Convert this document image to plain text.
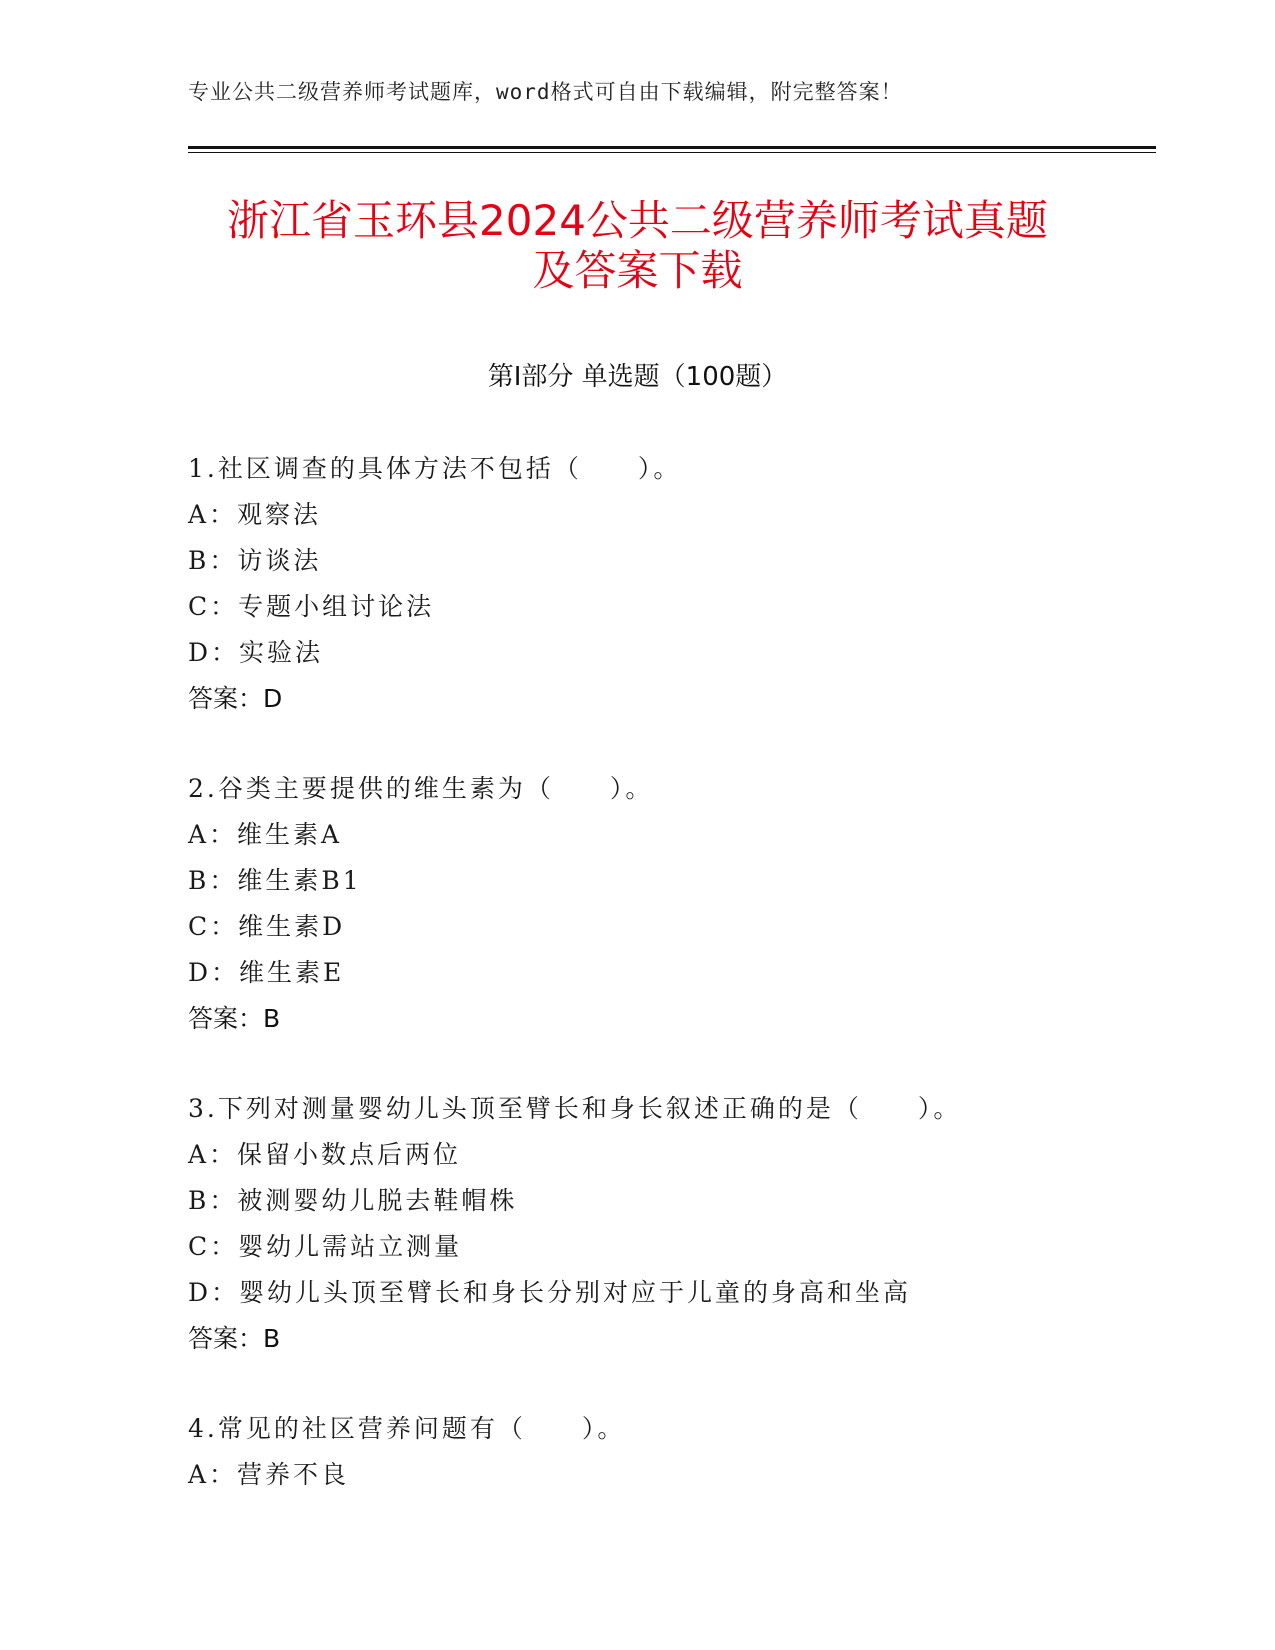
专业公共二级营养师考试题库，word格式可自由下载编辑，附完整答案！
浙江省玉环县2024公共二级营养师考试真题
及答案下载
第Ⅰ部分 单选题（100题）
1.社区调查的具体方法不包括（　　）。
A：观察法
B：访谈法
C：专题小组讨论法
D：实验法
答案：D
2.谷类主要提供的维生素为（　　）。
A：维生素A
B：维生素B1
C：维生素D
D：维生素E
答案：B
3.下列对测量婴幼儿头顶至臂长和身长叙述正确的是（　　）。
A：保留小数点后两位
B：被测婴幼儿脱去鞋帽株
C：婴幼儿需站立测量
D：婴幼儿头顶至臂长和身长分别对应于儿童的身高和坐高
答案：B
4.常见的社区营养问题有（　　）。
A：营养不良
